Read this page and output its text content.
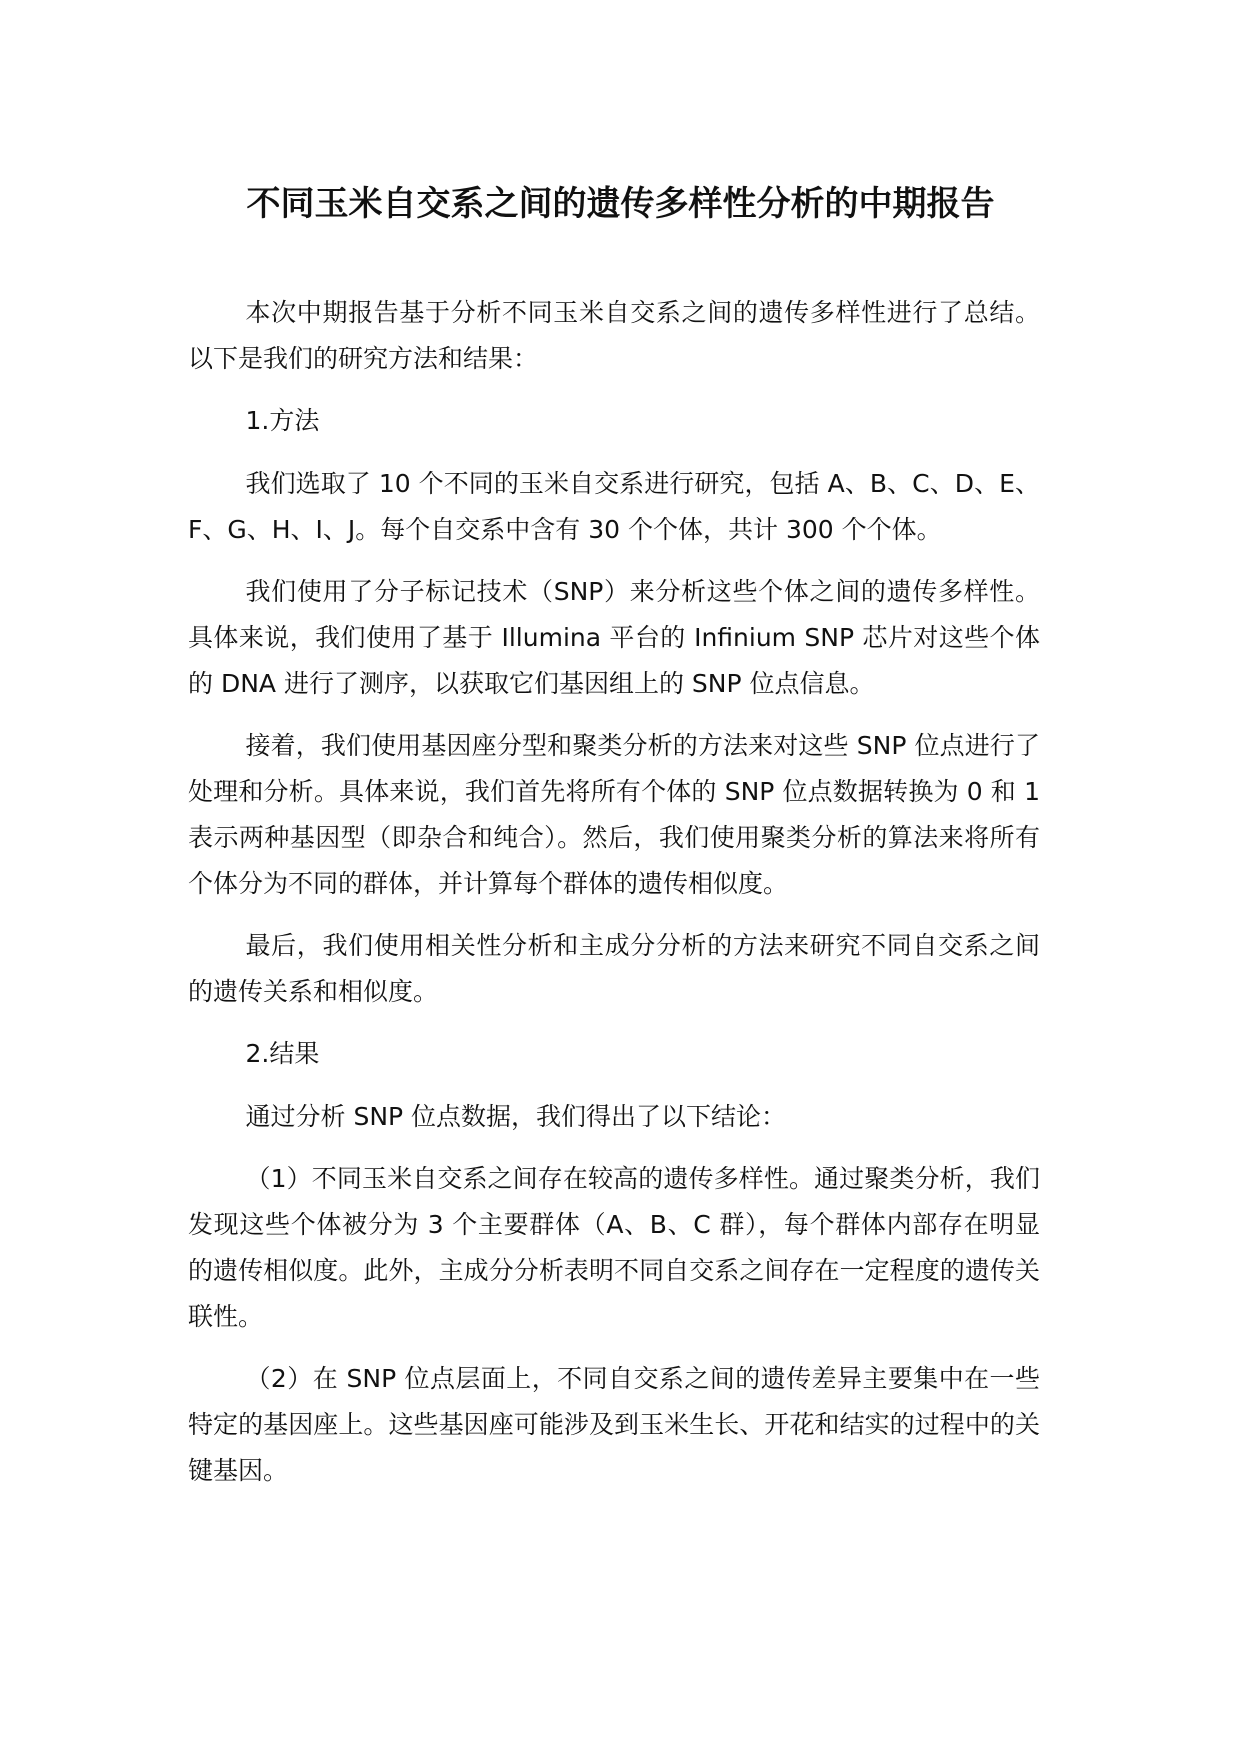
不同玉米自交系之间的遗传多样性分析的中期报告

本次中期报告基于分析不同玉米自交系之间的遗传多样性进行了总结。以下是我们的研究方法和结果：

1.方法

我们选取了 10 个不同的玉米自交系进行研究，包括 A、B、C、D、E、F、G、H、I、J。每个自交系中含有 30 个个体，共计 300 个个体。

我们使用了分子标记技术（SNP）来分析这些个体之间的遗传多样性。具体来说，我们使用了基于 Illumina 平台的 Infinium SNP 芯片对这些个体的 DNA 进行了测序，以获取它们基因组上的 SNP 位点信息。

接着，我们使用基因座分型和聚类分析的方法来对这些 SNP 位点进行了处理和分析。具体来说，我们首先将所有个体的 SNP 位点数据转换为 0 和 1 表示两种基因型（即杂合和纯合）。然后，我们使用聚类分析的算法来将所有个体分为不同的群体，并计算每个群体的遗传相似度。

最后，我们使用相关性分析和主成分分析的方法来研究不同自交系之间的遗传关系和相似度。

2.结果

通过分析 SNP 位点数据，我们得出了以下结论：

（1）不同玉米自交系之间存在较高的遗传多样性。通过聚类分析，我们发现这些个体被分为 3 个主要群体（A、B、C 群），每个群体内部存在明显的遗传相似度。此外，主成分分析表明不同自交系之间存在一定程度的遗传关联性。

（2）在 SNP 位点层面上，不同自交系之间的遗传差异主要集中在一些特定的基因座上。这些基因座可能涉及到玉米生长、开花和结实的过程中的关键基因。
